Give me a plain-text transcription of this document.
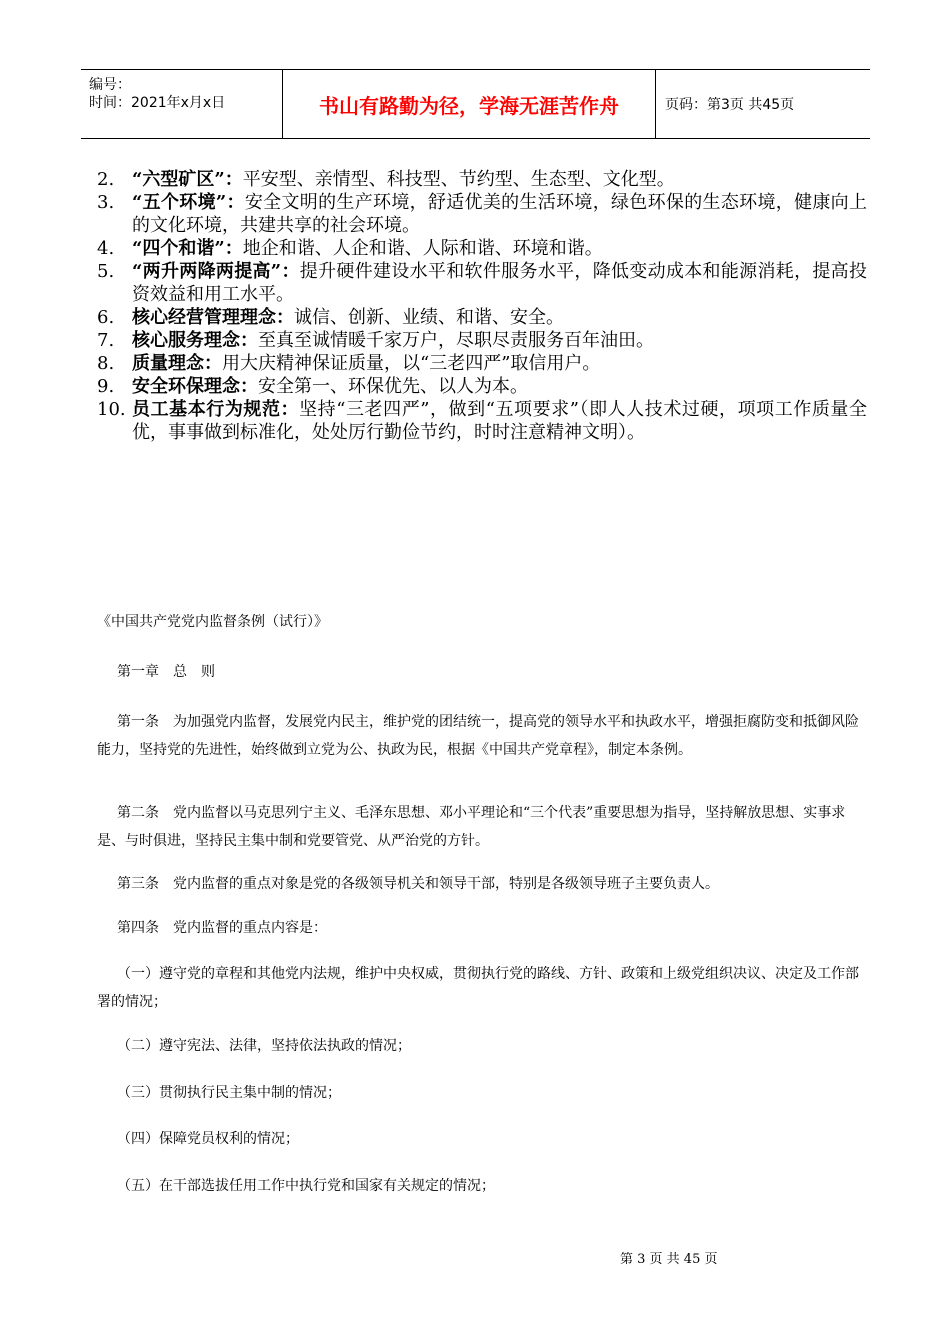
编号：
时间：2021年x月x日	书山有路勤为径，学海无涯苦作舟	页码：第3页 共45页
2. “六型矿区”：平安型、亲情型、科技型、节约型、生态型、文化型。
3. “五个环境”：安全文明的生产环境，舒适优美的生活环境，绿色环保的生态环境，健康向上的文化环境，共建共享的社会环境。
4. “四个和谐”：地企和谐、人企和谐、人际和谐、环境和谐。
5. “两升两降两提高”：提升硬件建设水平和软件服务水平，降低变动成本和能源消耗，提高投资效益和用工水平。
6. 核心经营管理理念：诚信、创新、业绩、和谐、安全。
7. 核心服务理念：至真至诚情暖千家万户，尽职尽责服务百年油田。
8. 质量理念：用大庆精神保证质量，以“三老四严”取信用户。
9. 安全环保理念：安全第一、环保优先、以人为本。
10. 员工基本行为规范：坚持“三老四严”，做到“五项要求”（即人人技术过硬，项项工作质量全优，事事做到标准化，处处厉行勤俭节约，时时注意精神文明）。
《中国共产党党内监督条例（试行）》
第一章　总　则
第一条　为加强党内监督，发展党内民主，维护党的团结统一，提高党的领导水平和执政水平，增强拒腐防变和抵御风险能力，坚持党的先进性，始终做到立党为公、执政为民，根据《中国共产党章程》，制定本条例。
第二条　党内监督以马克思列宁主义、毛泽东思想、邓小平理论和“三个代表”重要思想为指导，坚持解放思想、实事求是、与时俱进，坚持民主集中制和党要管党、从严治党的方针。
第三条　党内监督的重点对象是党的各级领导机关和领导干部，特别是各级领导班子主要负责人。
第四条　党内监督的重点内容是：
（一）遵守党的章程和其他党内法规，维护中央权威，贯彻执行党的路线、方针、政策和上级党组织决议、决定及工作部署的情况；
（二）遵守宪法、法律，坚持依法执政的情况；
（三）贯彻执行民主集中制的情况；
（四）保障党员权利的情况；
（五）在干部选拔任用工作中执行党和国家有关规定的情况；
第 3 页 共 45 页
